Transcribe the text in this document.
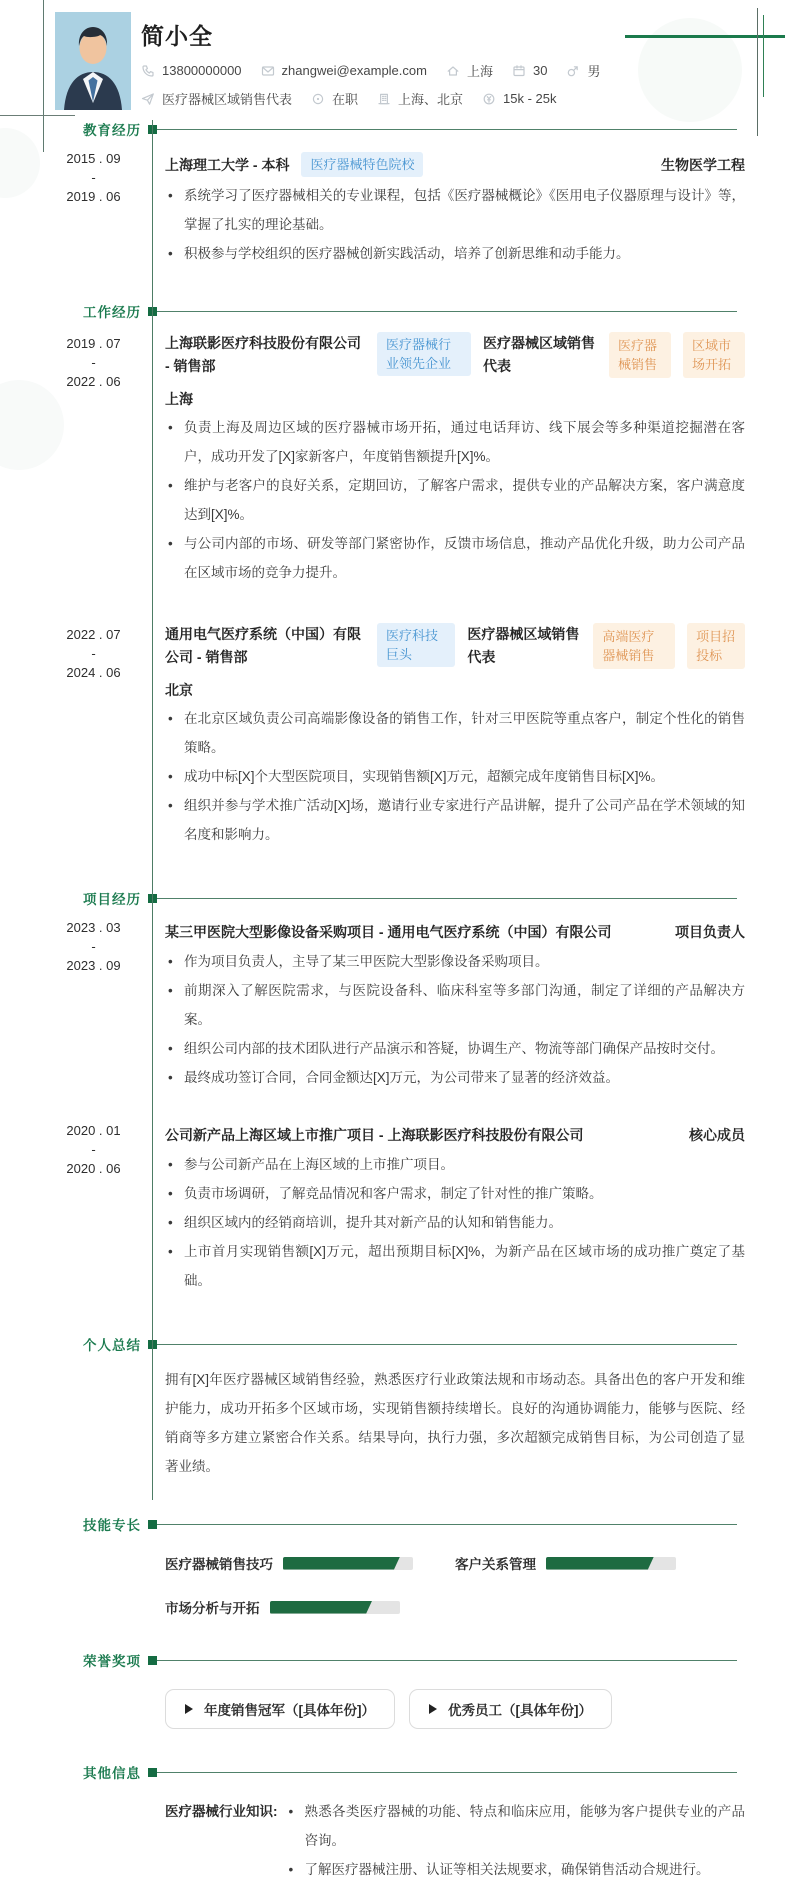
简小全
13800000000	zhangwei@example.com	上海	30	男
医疗器械区域销售代表	在职	上海、北京	15k - 25k
教育经历
2015 . 09
-
2019 . 06
上海理工大学 - 本科	医疗器械特色院校	生物医学工程
• 系统学习了医疗器械相关的专业课程，包括《医疗器械概论》《医用电子仪器原理与设计》等，掌握了扎实的理论基础。
• 积极参与学校组织的医疗器械创新实践活动，培养了创新思维和动手能力。
工作经历
2019 . 07
-
2022 . 06
上海联影医疗科技股份有限公司 - 销售部
医疗器械行业领先企业
医疗器械区域销售代表
医疗器械销售
区域市场开拓
上海
• 负责上海及周边区域的医疗器械市场开拓，通过电话拜访、线下展会等多种渠道挖掘潜在客户，成功开发了[X]家新客户，年度销售额提升[X]%。
• 维护与老客户的良好关系，定期回访，了解客户需求，提供专业的产品解决方案，客户满意度达到[X]%。
• 与公司内部的市场、研发等部门紧密协作，反馈市场信息，推动产品优化升级，助力公司产品在区域市场的竞争力提升。
2022 . 07
-
2024 . 06
通用电气医疗系统（中国）有限公司 - 销售部
医疗科技巨头
医疗器械区域销售代表
高端医疗器械销售
项目招投标
北京
• 在北京区域负责公司高端影像设备的销售工作，针对三甲医院等重点客户，制定个性化的销售策略。
• 成功中标[X]个大型医院项目，实现销售额[X]万元，超额完成年度销售目标[X]%。
• 组织并参与学术推广活动[X]场，邀请行业专家进行产品讲解，提升了公司产品在学术领域的知名度和影响力。
项目经历
2023 . 03
-
2023 . 09
某三甲医院大型影像设备采购项目 - 通用电气医疗系统（中国）有限公司	项目负责人
• 作为项目负责人，主导了某三甲医院大型影像设备采购项目。
• 前期深入了解医院需求，与医院设备科、临床科室等多部门沟通，制定了详细的产品解决方案。
• 组织公司内部的技术团队进行产品演示和答疑，协调生产、物流等部门确保产品按时交付。
• 最终成功签订合同，合同金额达[X]万元，为公司带来了显著的经济效益。
2020 . 01
-
2020 . 06
公司新产品上海区域上市推广项目 - 上海联影医疗科技股份有限公司	核心成员
• 参与公司新产品在上海区域的上市推广项目。
• 负责市场调研，了解竞品情况和客户需求，制定了针对性的推广策略。
• 组织区域内的经销商培训，提升其对新产品的认知和销售能力。
• 上市首月实现销售额[X]万元，超出预期目标[X]%，为新产品在区域市场的成功推广奠定了基础。
个人总结
拥有[X]年医疗器械区域销售经验，熟悉医疗行业政策法规和市场动态。具备出色的客户开发和维护能力，成功开拓多个区域市场，实现销售额持续增长。良好的沟通协调能力，能够与医院、经销商等多方建立紧密合作关系。结果导向，执行力强，多次超额完成销售目标，为公司创造了显著业绩。
技能专长
医疗器械销售技巧	客户关系管理
市场分析与开拓
荣誉奖项
年度销售冠军（[具体年份]）	优秀员工（[具体年份]）
其他信息
医疗器械行业知识:	• 熟悉各类医疗器械的功能、特点和临床应用，能够为客户提供专业的产品咨询。
• 了解医疗器械注册、认证等相关法规要求，确保销售活动合规进行。
